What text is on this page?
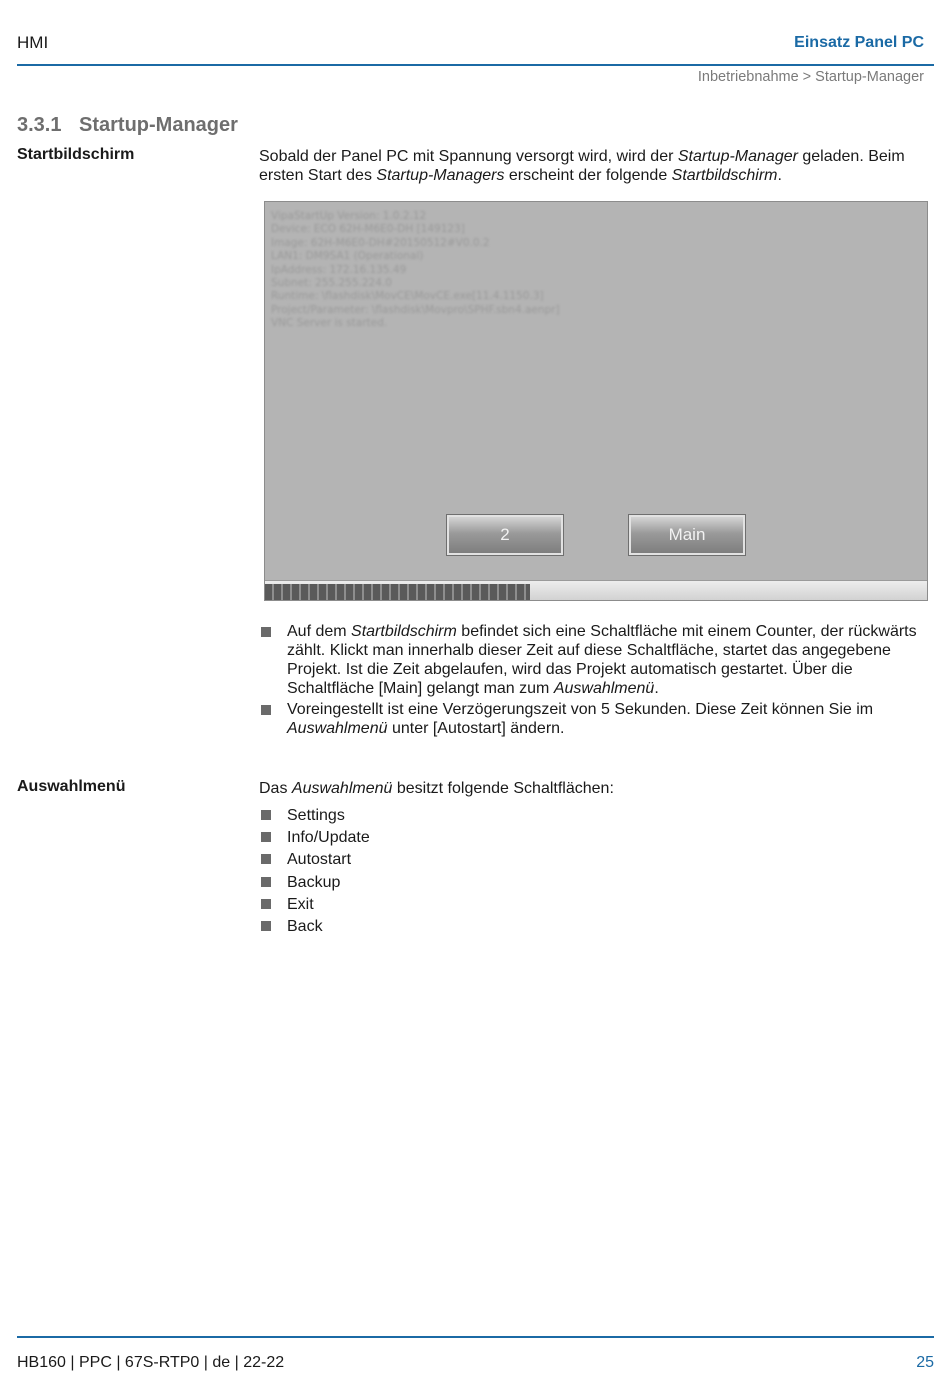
HMI	Einsatz Panel PC
Inbetriebnahme > Startup-Manager
3.3.1 Startup-Manager
Startbildschirm	Sobald der Panel PC mit Spannung versorgt wird, wird der Startup-Manager geladen. Beim ersten Start des Startup-Managers erscheint der folgende Startbildschirm.
VipaStartUp Version: 1.0.2.12
Device: ECO 62H-M6E0-DH [149123]
Image: 62H-M6E0-DH#20150512#V0.0.2
LAN1: DM9SA1 (Operational)
IpAddress: 172.16.135.49
Subnet: 255.255.224.0
Runtime: \flashdisk\MovCE\MovCE.exe[11.4.1150.3]
Project/Parameter: \flashdisk\Movpro\SPHF.sbn4.aenpr]
VNC Server is started.
2	Main
Auf dem Startbildschirm befindet sich eine Schaltfläche mit einem Counter, der rückwärts zählt. Klickt man innerhalb dieser Zeit auf diese Schaltfläche, startet das angegebene Projekt. Ist die Zeit abgelaufen, wird das Projekt automatisch gestartet. Über die Schaltfläche [Main] gelangt man zum Auswahlmenü.
Voreingestellt ist eine Verzögerungszeit von 5 Sekunden. Diese Zeit können Sie im Auswahlmenü unter [Autostart] ändern.
Auswahlmenü	Das Auswahlmenü besitzt folgende Schaltflächen:
Settings
Info/Update
Autostart
Backup
Exit
Back
HB160 | PPC | 67S-RTP0 | de | 22-22	25
